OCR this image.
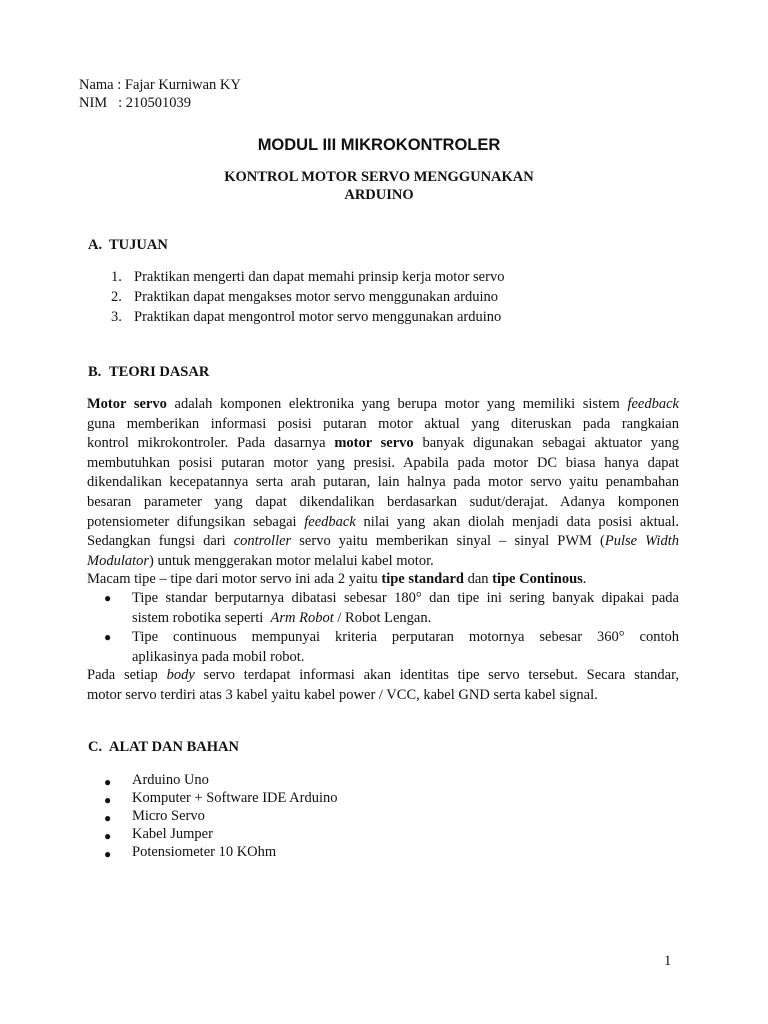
Nama : Fajar Kurniwan KY
NIM   : 210501039
MODUL III MIKROKONTROLER
KONTROL MOTOR SERVO MENGGUNAKAN
ARDUINO
A. TUJUAN
1. Praktikan mengerti dan dapat memahi prinsip kerja motor servo
2. Praktikan dapat mengakses motor servo menggunakan arduino
3. Praktikan dapat mengontrol motor servo menggunakan arduino
B. TEORI DASAR
Motor servo adalah komponen elektronika yang berupa motor yang memiliki sistem feedback
guna memberikan informasi posisi putaran motor aktual yang diteruskan pada rangkaian
kontrol mikrokontroler. Pada dasarnya motor servo banyak digunakan sebagai aktuator yang
membutuhkan posisi putaran motor yang presisi. Apabila pada motor DC biasa hanya dapat
dikendalikan kecepatannya serta arah putaran, lain halnya pada motor servo yaitu penambahan
besaran parameter yang dapat dikendalikan berdasarkan sudut/derajat. Adanya komponen
potensiometer difungsikan sebagai feedback nilai yang akan diolah menjadi data posisi aktual.
Sedangkan fungsi dari controller servo yaitu memberikan sinyal – sinyal PWM (Pulse Width
Modulator) untuk menggerakan motor melalui kabel motor.
Macam tipe – tipe dari motor servo ini ada 2 yaitu tipe standard dan tipe Continous.
● Tipe standar berputarnya dibatasi sebesar 180° dan tipe ini sering banyak dipakai pada
sistem robotika seperti  Arm Robot / Robot Lengan.
● Tipe continuous mempunyai kriteria perputaran motornya sebesar 360° contoh
aplikasinya pada mobil robot.
Pada setiap body servo terdapat informasi akan identitas tipe servo tersebut. Secara standar,
motor servo terdiri atas 3 kabel yaitu kabel power / VCC, kabel GND serta kabel signal.
C. ALAT DAN BAHAN
● Arduino Uno
● Komputer + Software IDE Arduino
● Micro Servo
● Kabel Jumper
● Potensiometer 10 KOhm
1
